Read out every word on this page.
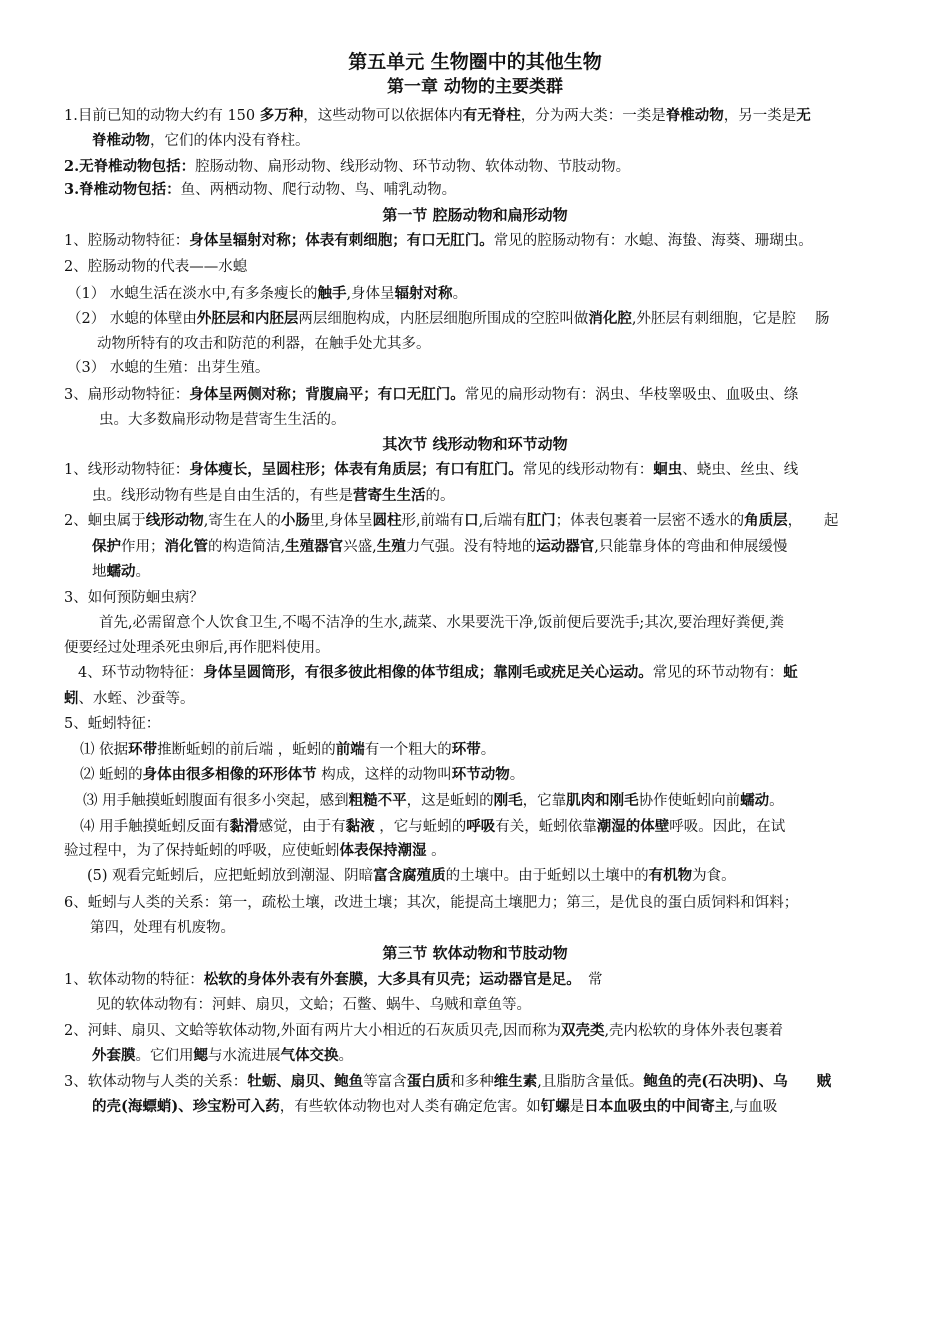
第五单元 生物圈中的其他生物
第一章 动物的主要类群
1.目前已知的动物大约有 150 多万种，这些动物可以依据体内有无脊柱，分为两大类：一类是脊椎动物，另一类是无
脊椎动物，它们的体内没有脊柱。
2.无脊椎动物包括：腔肠动物、扁形动物、线形动物、环节动物、软体动物、节肢动物。
3.脊椎动物包括：鱼、两栖动物、爬行动物、鸟、哺乳动物。
第一节 腔肠动物和扁形动物
1、腔肠动物特征：身体呈辐射对称；体表有刺细胞；有口无肛门。常见的腔肠动物有：水螅、海蛰、海葵、珊瑚虫。
2、腔肠动物的代表——水螅
（1） 水螅生活在淡水中,有多条瘦长的触手,身体呈辐射对称。
（2） 水螅的体壁由外胚层和内胚层两层细胞构成，内胚层细胞所围成的空腔叫做消化腔,外胚层有刺细胞，它是腔　 肠
动物所特有的攻击和防范的利器，在触手处尤其多。
（3） 水螅的生殖：出芽生殖。
3、扁形动物特征：身体呈两侧对称；背腹扁平；有口无肛门。常见的扁形动物有：涡虫、华枝睾吸虫、血吸虫、绦
虫。大多数扁形动物是营寄生生活的。
其次节 线形动物和环节动物
1、线形动物特征：身体瘦长，呈圆柱形；体表有角质层；有口有肛门。常见的线形动物有：蛔虫、蛲虫、丝虫、线
虫。线形动物有些是自由生活的，有些是营寄生生活的。
2、蛔虫属于线形动物,寄生在人的小肠里,身体呈圆柱形,前端有口,后端有肛门；体表包裹着一层密不透水的角质层，　　起
保护作用；消化管的构造简洁,生殖器官兴盛,生殖力气强。没有特地的运动器官,只能靠身体的弯曲和伸展缓慢
地蠕动。
3、如何预防蛔虫病？
首先,必需留意个人饮食卫生,不喝不洁净的生水,蔬菜、水果要洗干净,饭前便后要洗手;其次,要治理好粪便,粪
便要经过处理杀死虫卵后,再作肥料使用。
4、环节动物特征：身体呈圆筒形，有很多彼此相像的体节组成；靠刚毛或疣足关心运动。常见的环节动物有：蚯
蚓、水蛭、沙蚕等。
5、蚯蚓特征：
⑴ 依据环带推断蚯蚓的前后端 ，蚯蚓的前端有一个粗大的环带。
⑵ 蚯蚓的身体由很多相像的环形体节 构成，这样的动物叫环节动物。
⑶ 用手触摸蚯蚓腹面有很多小突起，感到粗糙不平，这是蚯蚓的刚毛，它靠肌肉和刚毛协作使蚯蚓向前蠕动。
⑷ 用手触摸蚯蚓反面有黏滑感觉，由于有黏液 ，它与蚯蚓的呼吸有关，蚯蚓依靠潮湿的体壁呼吸。因此，在试
验过程中，为了保持蚯蚓的呼吸，应使蚯蚓体表保持潮湿 。
(5) 观看完蚯蚓后，应把蚯蚓放到潮湿、阴暗富含腐殖质的土壤中。由于蚯蚓以土壤中的有机物为食。
6、蚯蚓与人类的关系：第一，疏松土壤，改进土壤；其次，能提高土壤肥力；第三，是优良的蛋白质饲料和饵料；
第四，处理有机废物。
第三节 软体动物和节肢动物
1、软体动物的特征：松软的身体外表有外套膜，大多具有贝壳；运动器官是足。　常
见的软体动物有：河蚌、扇贝，文蛤；石鳖、蜗牛、乌贼和章鱼等。
2、河蚌、扇贝、文蛤等软体动物,外面有两片大小相近的石灰质贝壳,因而称为双壳类,壳内松软的身体外表包裹着
外套膜。它们用鳃与水流进展气体交换。
3、软体动物与人类的关系：牡蛎、扇贝、鲍鱼等富含蛋白质和多种维生素,且脂肪含量低。鲍鱼的壳(石决明)、乌　　贼
的壳(海螵蛸)、珍宝粉可入药，有些软体动物也对人类有确定危害。如钉螺是日本血吸虫的中间寄主,与血吸
